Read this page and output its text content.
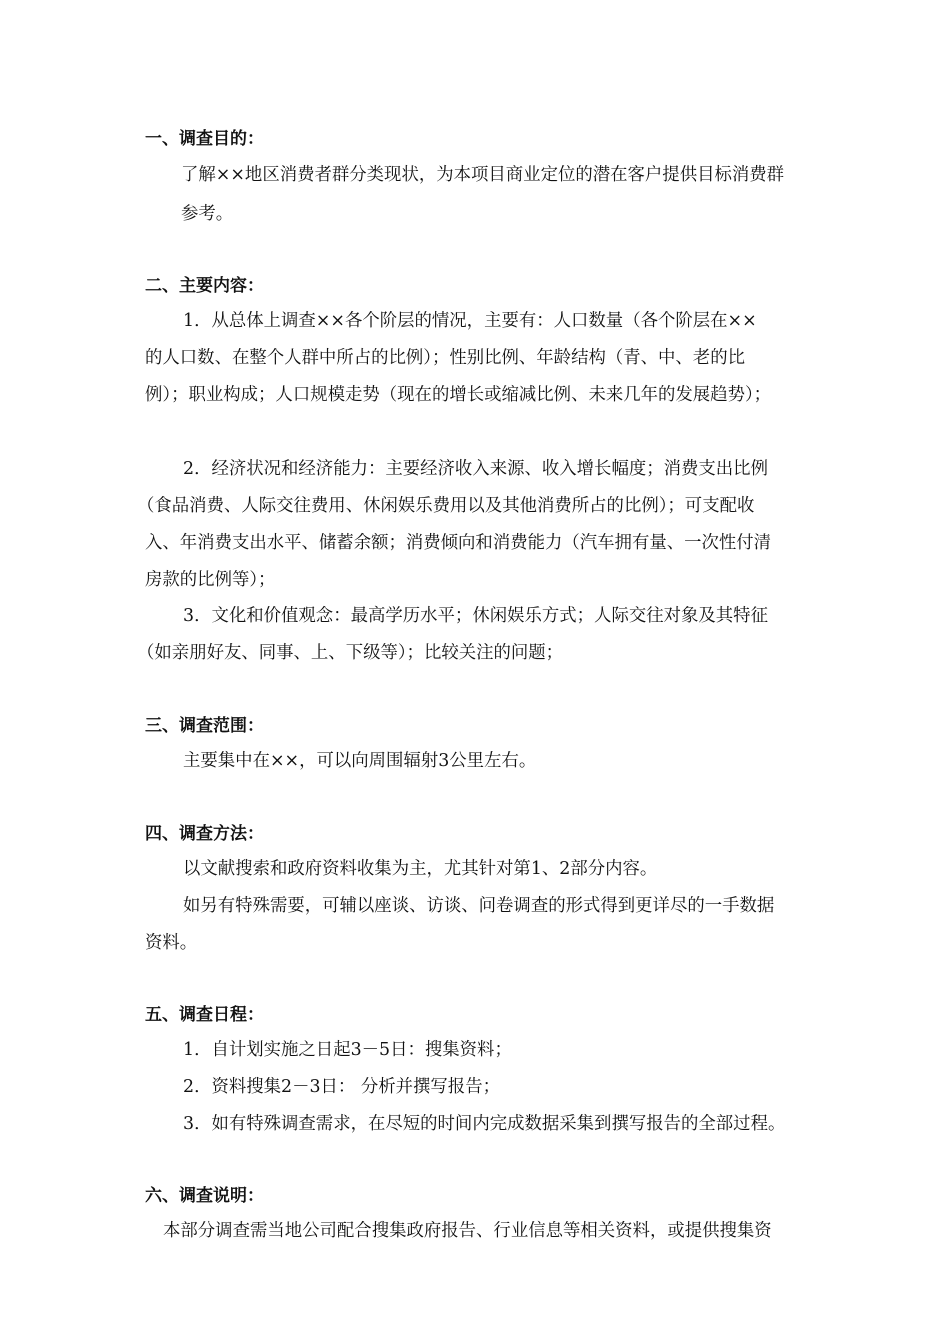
一、调查目的：
了解××地区消费者群分类现状，为本项目商业定位的潜在客户提供目标消费群
参考。
二、主要内容：
1．从总体上调查××各个阶层的情况，主要有：人口数量（各个阶层在××
的人口数、在整个人群中所占的比例）；性别比例、年龄结构（青、中、老的比
例）；职业构成；人口规模走势（现在的增长或缩减比例、未来几年的发展趋势）；
2．经济状况和经济能力：主要经济收入来源、收入增长幅度；消费支出比例
（食品消费、人际交往费用、休闲娱乐费用以及其他消费所占的比例）；可支配收
入、年消费支出水平、储蓄余额；消费倾向和消费能力（汽车拥有量、一次性付清
房款的比例等）；
3．文化和价值观念：最高学历水平；休闲娱乐方式；人际交往对象及其特征
（如亲朋好友、同事、上、下级等）；比较关注的问题；
三、调查范围：
主要集中在××，可以向周围辐射3公里左右。
四、调查方法：
以文献搜索和政府资料收集为主，尤其针对第1、2部分内容。
如另有特殊需要，可辅以座谈、访谈、问卷调查的形式得到更详尽的一手数据
资料。
五、调查日程：
1．自计划实施之日起3－5日：搜集资料；
2．资料搜集2－3日： 分析并撰写报告；
3．如有特殊调查需求，在尽短的时间内完成数据采集到撰写报告的全部过程。
六、调查说明：
本部分调查需当地公司配合搜集政府报告、行业信息等相关资料，或提供搜集资
